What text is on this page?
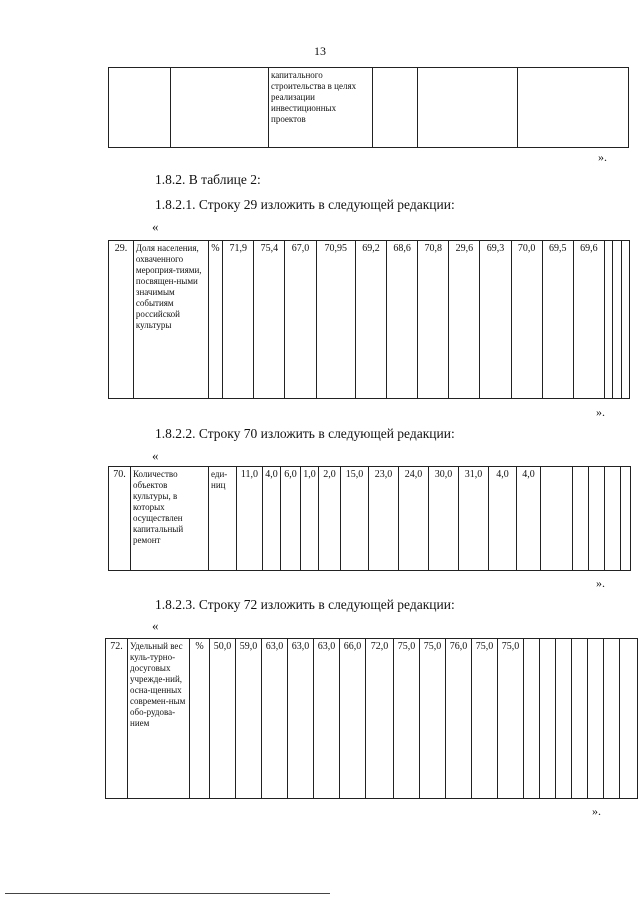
13
		капитального строительства в целях реализации инвестиционных проектов			
».
1.8.2. В таблице 2:
1.8.2.1. Строку 29 изложить в следующей редакции:
«
29.	Доля населения, охваченного мероприя-тиями, посвящен-ными значимым событиям российской культуры	%	71,9	75,4	67,0	70,95	69,2	68,6	70,8	29,6	69,3	70,0	69,5	69,6			
».
1.8.2.2. Строку 70 изложить в следующей редакции:
«
70.	Количество объектов культуры, в которых осуществлен капитальный ремонт	еди-ниц	11,0	4,0	6,0	1,0	2,0	15,0	23,0	24,0	30,0	31,0	4,0	4,0					
».
1.8.2.3. Строку 72 изложить в следующей редакции:
«
72.	Удельный вес куль-турно-досуговых учрежде-ний, осна-щенных современ-ным обо-рудова-нием	%	50,0	59,0	63,0	63,0	63,0	66,0	72,0	75,0	75,0	76,0	75,0	75,0							
».
